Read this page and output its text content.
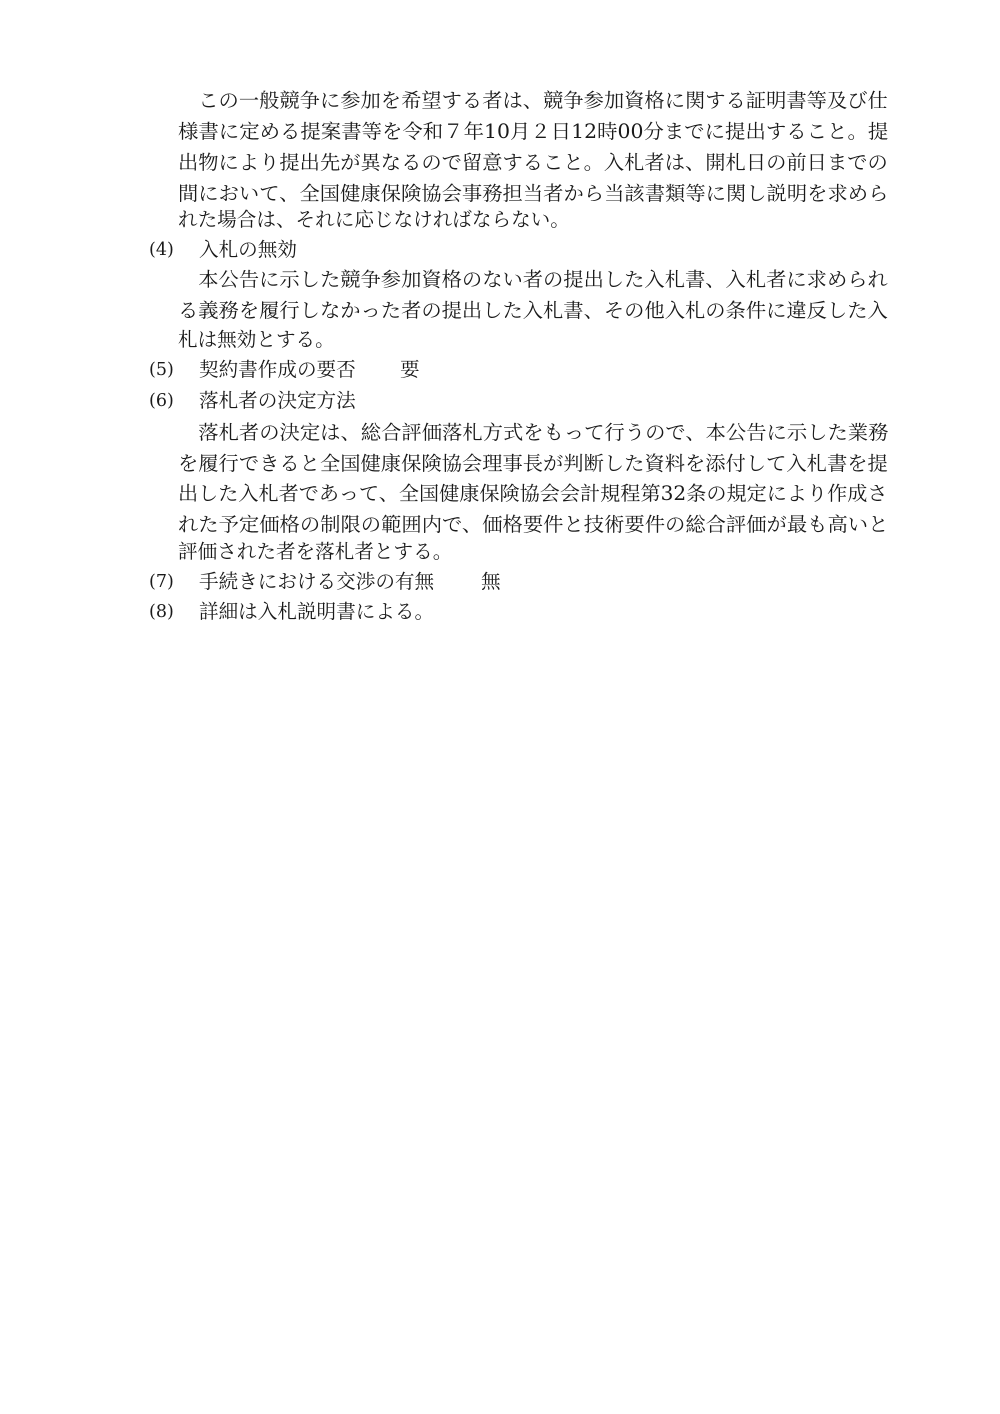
　この一般競争に参加を希望する者は、競争参加資格に関する証明書等及び仕
様書に定める提案書等を令和７年10月２日12時00分までに提出すること。提
出物により提出先が異なるので留意すること。入札者は、開札日の前日までの
間において、全国健康保険協会事務担当者から当該書類等に関し説明を求めら
れた場合は、それに応じなければならない。
(4) 入札の無効
　本公告に示した競争参加資格のない者の提出した入札書、入札者に求められ
る義務を履行しなかった者の提出した入札書、その他入札の条件に違反した入
札は無効とする。
(5) 契約書作成の要否 要
(6) 落札者の決定方法
　落札者の決定は、総合評価落札方式をもって行うので、本公告に示した業務
を履行できると全国健康保険協会理事長が判断した資料を添付して入札書を提
出した入札者であって、全国健康保険協会会計規程第32条の規定により作成さ
れた予定価格の制限の範囲内で、価格要件と技術要件の総合評価が最も高いと
評価された者を落札者とする。
(7) 手続きにおける交渉の有無 無
(8) 詳細は入札説明書による。
